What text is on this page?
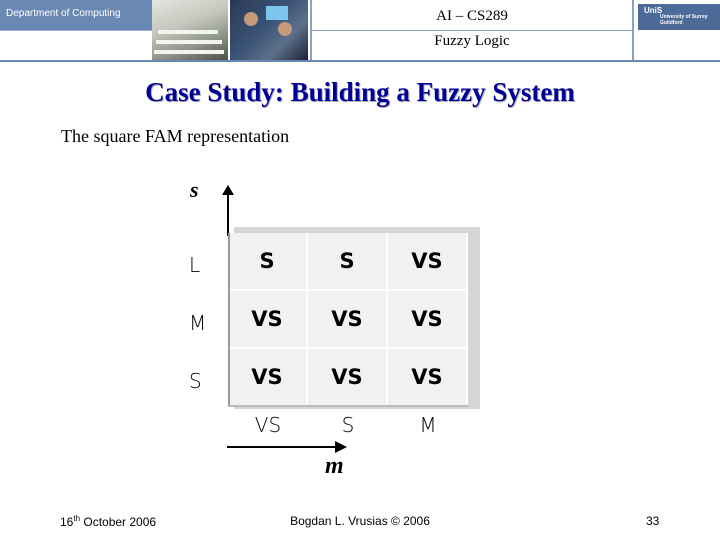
Department of Computing	AI – CS289
Fuzzy Logic
UniS
University of Surrey
Guildford
Case Study: Building a Fuzzy System
The square FAM representation
s
L
M
S
S	S	VS
VS	VS	VS
VS	VS	VS
VS	S	M
m
16th October 2006	Bogdan L. Vrusias © 2006	33
